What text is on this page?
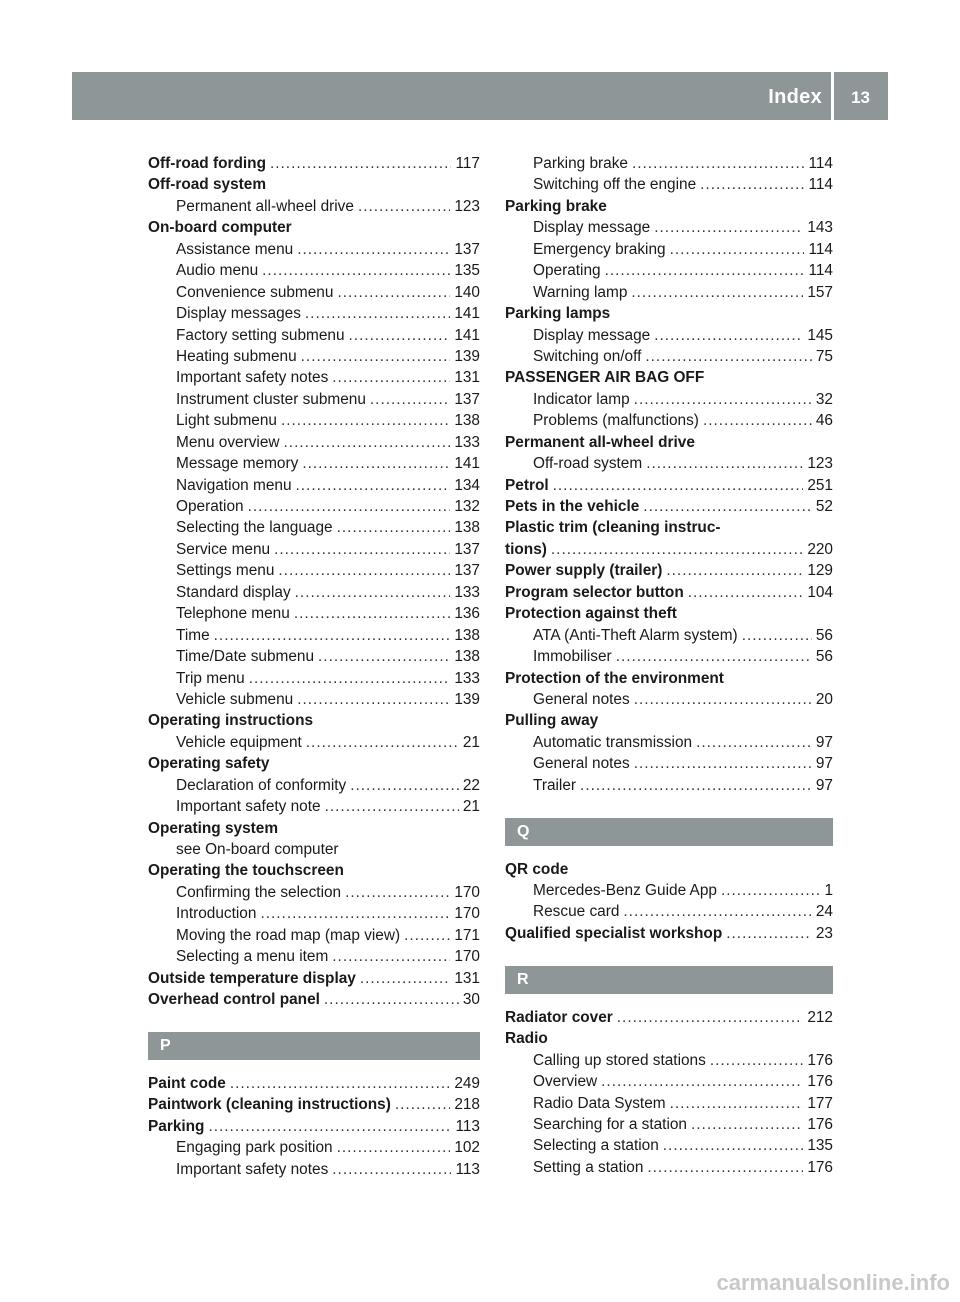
Index 13
Off-road fording .....	117
Off-road system
Permanent all-wheel drive .....	123
On-board computer
Assistance menu .....	137
Audio menu .....	135
Convenience submenu .....	140
Display messages .....	141
Factory setting submenu .....	141
Heating submenu .....	139
Important safety notes .....	131
Instrument cluster submenu .....	137
Light submenu .....	138
Menu overview .....	133
Message memory .....	141
Navigation menu .....	134
Operation .....	132
Selecting the language .....	138
Service menu .....	137
Settings menu .....	137
Standard display .....	133
Telephone menu .....	136
Time .....	138
Time/Date submenu .....	138
Trip menu .....	133
Vehicle submenu .....	139
Operating instructions
Vehicle equipment .....	21
Operating safety
Declaration of conformity .....	22
Important safety note .....	21
Operating system
see On-board computer
Operating the touchscreen
Confirming the selection .....	170
Introduction .....	170
Moving the road map (map view) .....	171
Selecting a menu item .....	170
Outside temperature display .....	131
Overhead control panel .....	30
P
Paint code .....	249
Paintwork (cleaning instructions) .....	218
Parking .....	113
Engaging park position .....	102
Important safety notes .....	113
Parking brake .....	114
Switching off the engine .....	114
Parking brake
Display message .....	143
Emergency braking .....	114
Operating .....	114
Warning lamp .....	157
Parking lamps
Display message .....	145
Switching on/off .....	75
PASSENGER AIR BAG OFF
Indicator lamp .....	32
Problems (malfunctions) .....	46
Permanent all-wheel drive
Off-road system .....	123
Petrol .....	251
Pets in the vehicle .....	52
Plastic trim (cleaning instruc-
tions) .....	220
Power supply (trailer) .....	129
Program selector button .....	104
Protection against theft
ATA (Anti-Theft Alarm system) .....	56
Immobiliser .....	56
Protection of the environment
General notes .....	20
Pulling away
Automatic transmission .....	97
General notes .....	97
Trailer .....	97
Q
QR code
Mercedes-Benz Guide App .....	1
Rescue card .....	24
Qualified specialist workshop .....	23
R
Radiator cover .....	212
Radio
Calling up stored stations .....	176
Overview .....	176
Radio Data System .....	177
Searching for a station .....	176
Selecting a station .....	135
Setting a station .....	176
carmanualsonline.info
